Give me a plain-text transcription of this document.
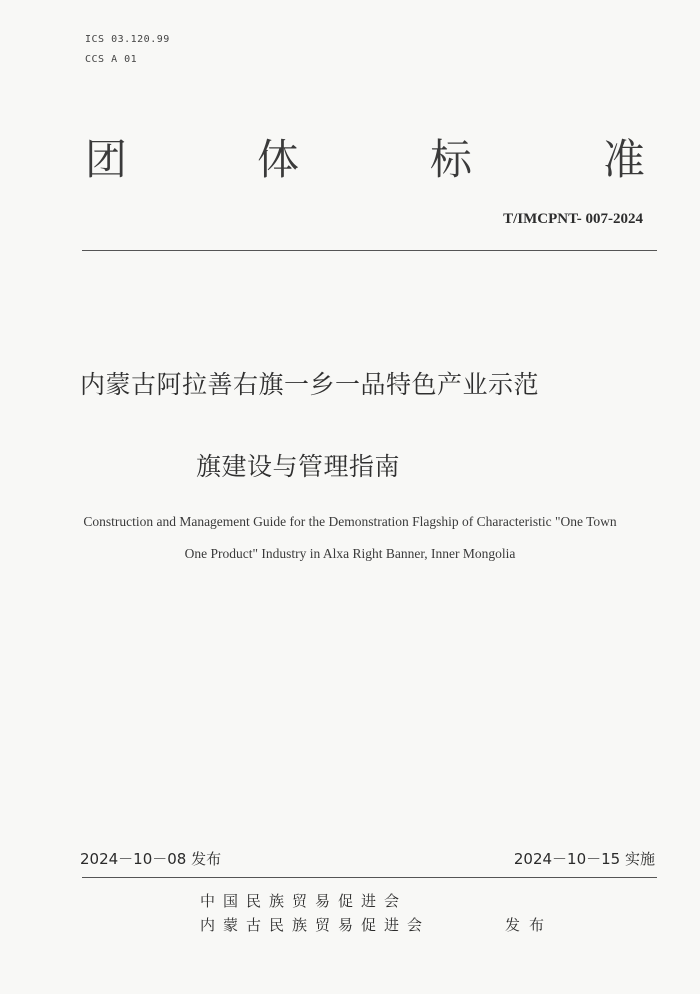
ICS 03.120.99
CCS A 01
团	体	标	准
T/IMCPNT- 007-2024
内蒙古阿拉善右旗一乡一品特色产业示范
旗建设与管理指南
Construction and Management Guide for the Demonstration Flagship of Characteristic "One Town
One Product" Industry in Alxa Right Banner, Inner Mongolia
2024－10－08 发布	2024－10－15 实施
中国民族贸易促进会
内蒙古民族贸易促进会	发布
